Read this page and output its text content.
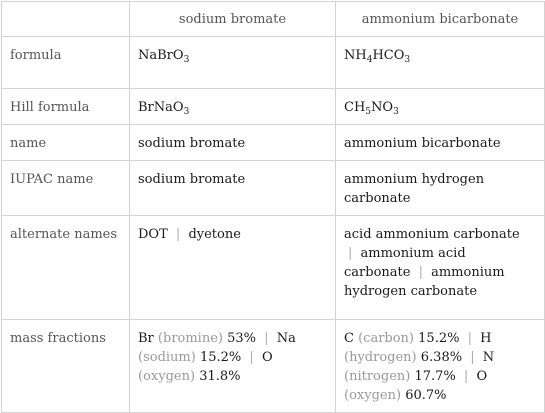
	sodium bromate	ammonium bicarbonate
formula	NaBrO$_3$	$NH_4HCO_3$
Hill formula	BrNaO$_3$	$CH_5NO_3$
name	sodium bromate	ammonium bicarbonate
IUPAC name	sodium bromate	ammonium hydrogen carbonate
alternate names	DOT | dyetone	acid ammonium carbonate | ammonium acid carbonate | ammonium hydrogen carbonate
mass fractions	Br (bromine) 53% | Na (sodium) 15.2% | O (oxygen) 31.8%	C (carbon) 15.2% | H (hydrogen) 6.38% | N (nitrogen) 17.7% | O (oxygen) 60.7%
